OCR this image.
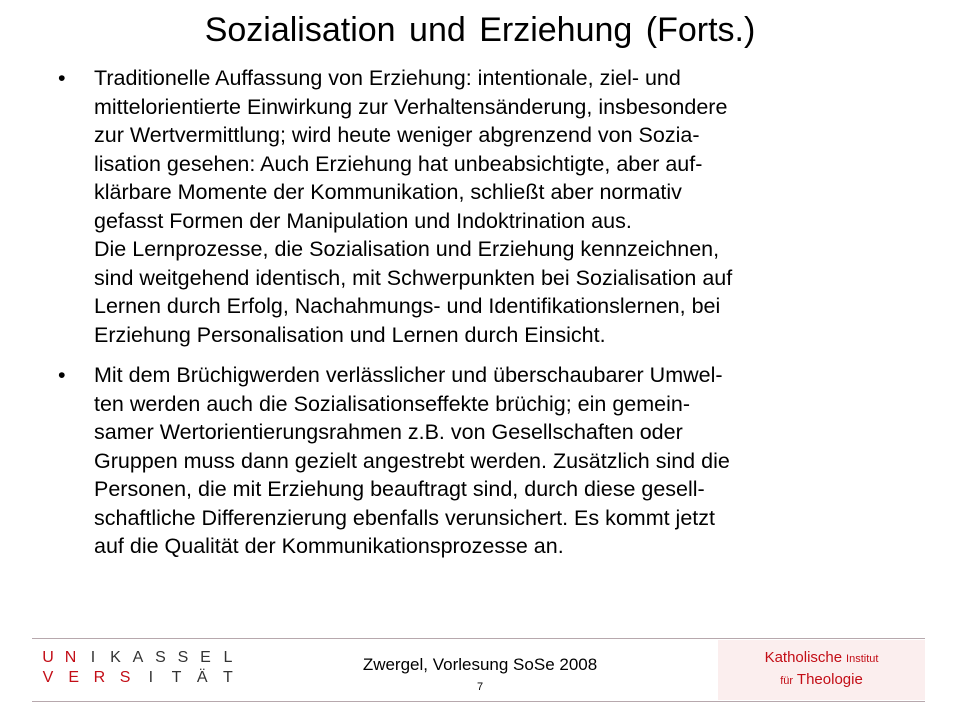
Sozialisation und Erziehung (Forts.)
• Traditionelle Auffassung von Erziehung: intentionale, ziel- und
mittelorientierte Einwirkung zur Verhaltensänderung, insbesondere
zur Wertvermittlung; wird heute weniger abgrenzend von Sozia-
lisation gesehen: Auch Erziehung hat unbeabsichtigte, aber auf-
klärbare Momente der Kommunikation, schließt aber normativ
gefasst Formen der Manipulation und Indoktrination aus.
Die Lernprozesse, die Sozialisation und Erziehung kennzeichnen,
sind weitgehend identisch, mit Schwerpunkten bei Sozialisation auf
Lernen durch Erfolg, Nachahmungs- und Identifikationslernen, bei
Erziehung Personalisation und Lernen durch Einsicht.
• Mit dem Brüchigwerden verlässlicher und überschaubarer Umwel-
ten werden auch die Sozialisationseffekte brüchig; ein gemein-
samer Wertorientierungsrahmen z.B. von Gesellschaften oder
Gruppen muss dann gezielt angestrebt werden. Zusätzlich sind die
Personen, die mit Erziehung beauftragt sind, durch diese gesell-
schaftliche Differenzierung ebenfalls verunsichert. Es kommt jetzt
auf die Qualität der Kommunikationsprozesse an.
U N I K A S S E L
V E R S	I	T Ä T
Zwergel, Vorlesung SoSe 2008
7
Katholische Institut
für Theologie
